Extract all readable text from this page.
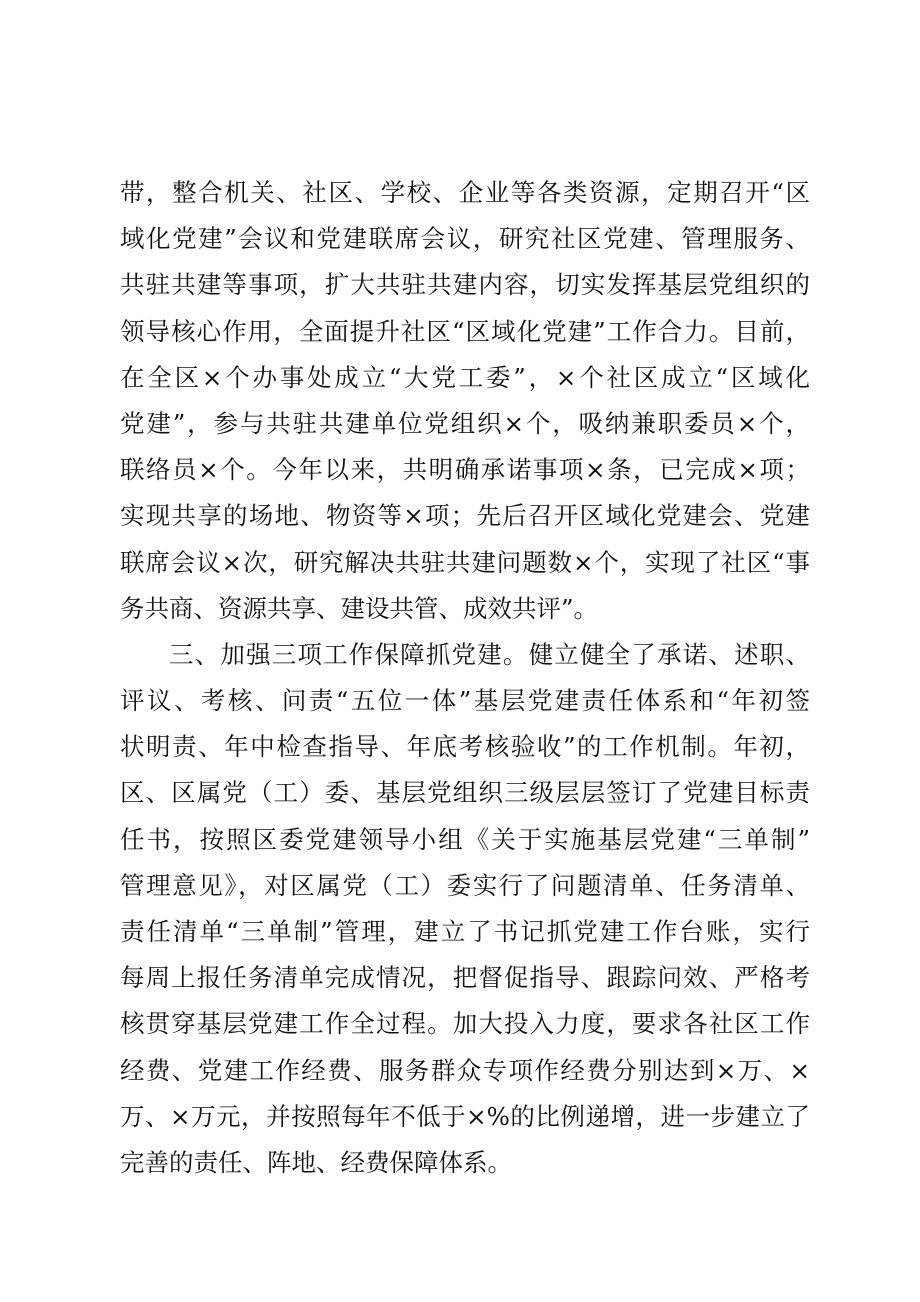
带，整合机关、社区、学校、企业等各类资源，定期召开“区
域化党建”会议和党建联席会议，研究社区党建、管理服务、
共驻共建等事项，扩大共驻共建内容，切实发挥基层党组织的
领导核心作用，全面提升社区“区域化党建”工作合力。目前，
在全区×个办事处成立“大党工委”，×个社区成立“区域化
党建”，参与共驻共建单位党组织×个，吸纳兼职委员×个，
联络员×个。今年以来，共明确承诺事项×条，已完成×项；
实现共享的场地、物资等×项；先后召开区域化党建会、党建
联席会议×次，研究解决共驻共建问题数×个，实现了社区“事
务共商、资源共享、建设共管、成效共评”。
三、加强三项工作保障抓党建。健立健全了承诺、述职、
评议、考核、问责“五位一体”基层党建责任体系和“年初签
状明责、年中检查指导、年底考核验收”的工作机制。年初，
区、区属党（工）委、基层党组织三级层层签订了党建目标责
任书，按照区委党建领导小组《关于实施基层党建“三单制”
管理意见》，对区属党（工）委实行了问题清单、任务清单、
责任清单“三单制”管理，建立了书记抓党建工作台账，实行
每周上报任务清单完成情况，把督促指导、跟踪问效、严格考
核贯穿基层党建工作全过程。加大投入力度，要求各社区工作
经费、党建工作经费、服务群众专项作经费分别达到×万、×
万、×万元，并按照每年不低于×%的比例递增，进一步建立了
完善的责任、阵地、经费保障体系。
